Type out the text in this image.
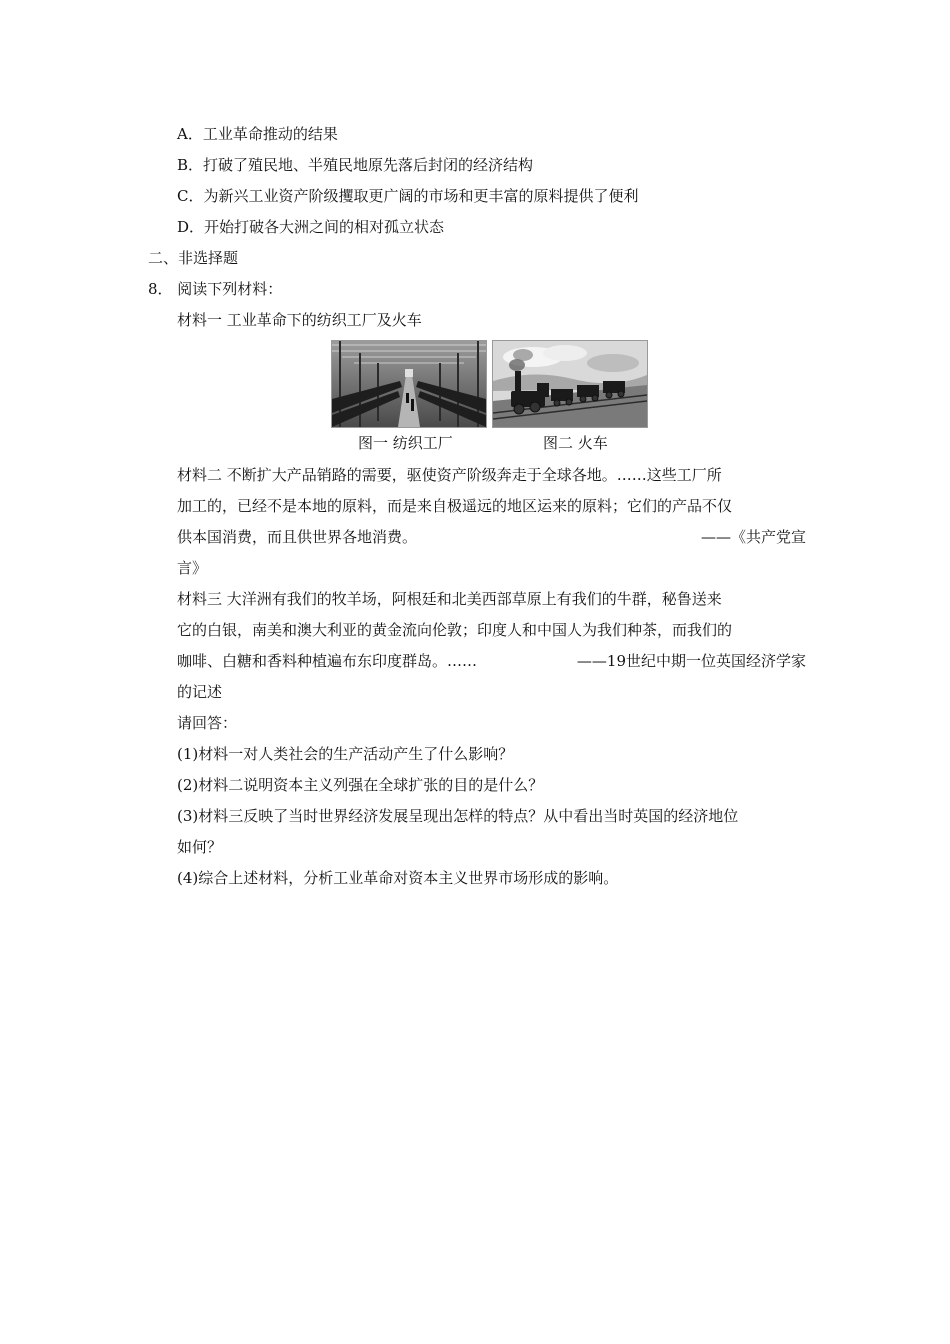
A．工业革命推动的结果
B．打破了殖民地、半殖民地原先落后封闭的经济结构
C．为新兴工业资产阶级攫取更广阔的市场和更丰富的原料提供了便利
D．开始打破各大洲之间的相对孤立状态
二、非选择题
8． 阅读下列材料：
材料一 工业革命下的纺织工厂及火车
图一 纺织工厂	图二 火车
材料二 不断扩大产品销路的需要，驱使资产阶级奔走于全球各地。……这些工厂所
加工的，已经不是本地的原料，而是来自极遥远的地区运来的原料；它们的产品不仅
供本国消费，而且供世界各地消费。	——《共产党宣
言》
材料三 大洋洲有我们的牧羊场，阿根廷和北美西部草原上有我们的牛群，秘鲁送来
它的白银，南美和澳大利亚的黄金流向伦敦；印度人和中国人为我们种茶，而我们的
咖啡、白糖和香料种植遍布东印度群岛。……	——19世纪中期一位英国经济学家
的记述
请回答：
(1)材料一对人类社会的生产活动产生了什么影响？
(2)材料二说明资本主义列强在全球扩张的目的是什么？
(3)材料三反映了当时世界经济发展呈现出怎样的特点？从中看出当时英国的经济地位
如何？
(4)综合上述材料，分析工业革命对资本主义世界市场形成的影响。
